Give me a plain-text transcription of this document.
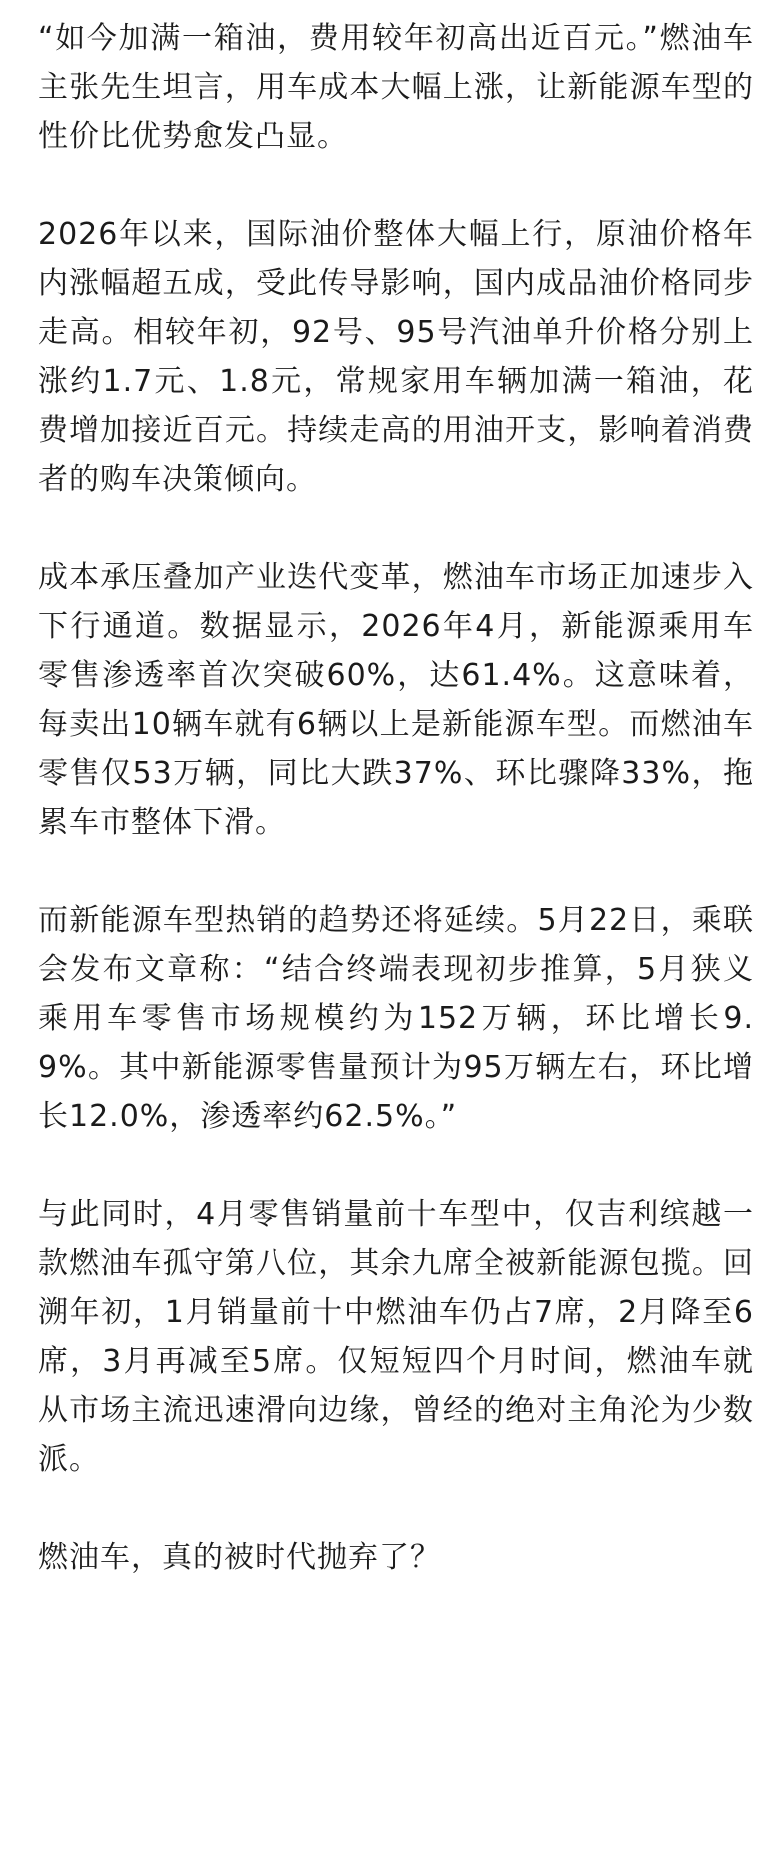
“如今加满一箱油，费用较年初高出近百元。”燃油车主张先生坦言，用车成本大幅上涨，让新能源车型的性价比优势愈发凸显。

2026年以来，国际油价整体大幅上行，原油价格年内涨幅超五成，受此传导影响，国内成品油价格同步走高。相较年初，92号、95号汽油单升价格分别上涨约1.7元、1.8元，常规家用车辆加满一箱油，花费增加接近百元。持续走高的用油开支，影响着消费者的购车决策倾向。

成本承压叠加产业迭代变革，燃油车市场正加速步入下行通道。数据显示，2026年4月，新能源乘用车零售渗透率首次突破60%，达61.4%。这意味着，每卖出10辆车就有6辆以上是新能源车型。而燃油车零售仅53万辆，同比大跌37%、环比骤降33%，拖累车市整体下滑。

而新能源车型热销的趋势还将延续。5月22日，乘联会发布文章称：“结合终端表现初步推算，5月狭义乘用车零售市场规模约为152万辆，环比增长9.9%。其中新能源零售量预计为95万辆左右，环比增长12.0%，渗透率约62.5%。”

与此同时，4月零售销量前十车型中，仅吉利缤越一款燃油车孤守第八位，其余九席全被新能源包揽。回溯年初，1月销量前十中燃油车仍占7席，2月降至6席，3月再减至5席。仅短短四个月时间，燃油车就从市场主流迅速滑向边缘，曾经的绝对主角沦为少数派。

燃油车，真的被时代抛弃了？
